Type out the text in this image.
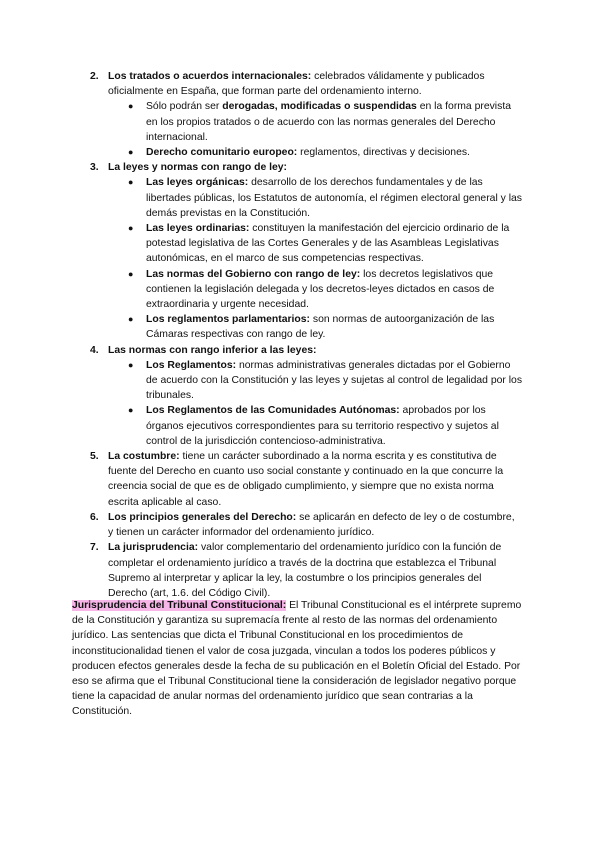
2. Los tratados o acuerdos internacionales: celebrados válidamente y publicados oficialmente en España, que forman parte del ordenamiento interno.
● Sólo podrán ser derogadas, modificadas o suspendidas en la forma prevista en los propios tratados o de acuerdo con las normas generales del Derecho internacional.
● Derecho comunitario europeo: reglamentos, directivas y decisiones.
3. La leyes y normas con rango de ley:
● Las leyes orgánicas: desarrollo de los derechos fundamentales y de las libertades públicas, los Estatutos de autonomía, el régimen electoral general y las demás previstas en la Constitución.
● Las leyes ordinarias: constituyen la manifestación del ejercicio ordinario de la potestad legislativa de las Cortes Generales y de las Asambleas Legislativas autonómicas, en el marco de sus competencias respectivas.
● Las normas del Gobierno con rango de ley: los decretos legislativos que contienen la legislación delegada y los decretos-leyes dictados en casos de extraordinaria y urgente necesidad.
● Los reglamentos parlamentarios: son normas de autoorganización de las Cámaras respectivas con rango de ley.
4. Las normas con rango inferior a las leyes:
● Los Reglamentos: normas administrativas generales dictadas por el Gobierno de acuerdo con la Constitución y las leyes y sujetas al control de legalidad por los tribunales.
● Los Reglamentos de las Comunidades Autónomas: aprobados por los órganos ejecutivos correspondientes para su territorio respectivo y sujetos al control de la jurisdicción contencioso-administrativa.
5. La costumbre: tiene un carácter subordinado a la norma escrita y es constitutiva de fuente del Derecho en cuanto uso social constante y continuado en la que concurre la creencia social de que es de obligado cumplimiento, y siempre que no exista norma escrita aplicable al caso.
6. Los principios generales del Derecho: se aplicarán en defecto de ley o de costumbre, y tienen un carácter informador del ordenamiento jurídico.
7. La jurisprudencia: valor complementario del ordenamiento jurídico con la función de completar el ordenamiento jurídico a través de la doctrina que establezca el Tribunal Supremo al interpretar y aplicar la ley, la costumbre o los principios generales del Derecho (art, 1.6. del Código Civil).

Jurisprudencia del Tribunal Constitucional: El Tribunal Constitucional es el intérprete supremo de la Constitución y garantiza su supremacía frente al resto de las normas del ordenamiento jurídico. Las sentencias que dicta el Tribunal Constitucional en los procedimientos de inconstitucionalidad tienen el valor de cosa juzgada, vinculan a todos los poderes públicos y producen efectos generales desde la fecha de su publicación en el Boletín Oficial del Estado. Por eso se afirma que el Tribunal Constitucional tiene la consideración de legislador negativo porque tiene la capacidad de anular normas del ordenamiento jurídico que sean contrarias a la Constitución.
